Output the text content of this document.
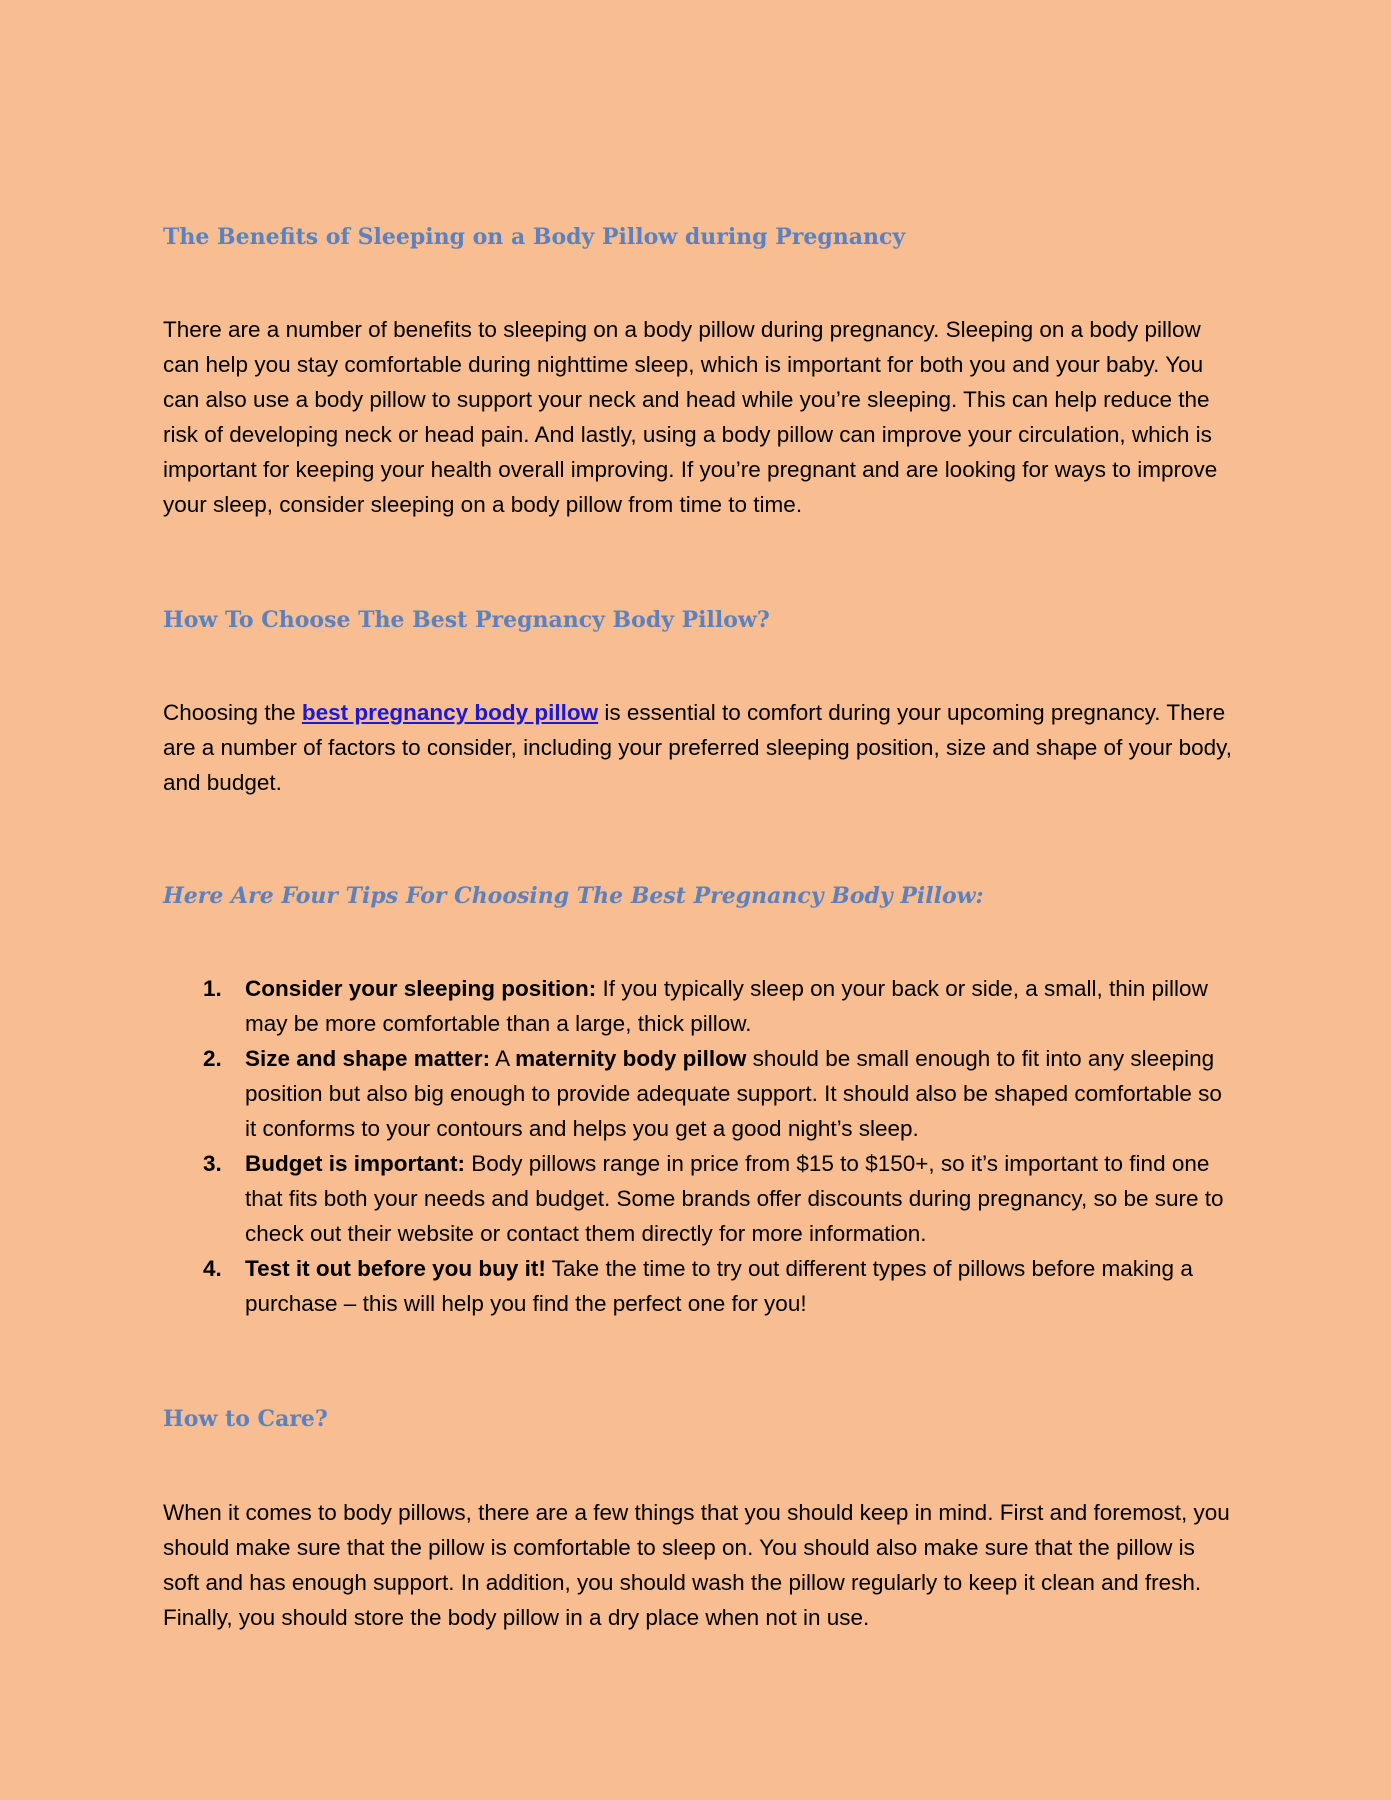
The Benefits of Sleeping on a Body Pillow during Pregnancy

There are a number of benefits to sleeping on a body pillow during pregnancy. Sleeping on a body pillow can help you stay comfortable during nighttime sleep, which is important for both you and your baby. You can also use a body pillow to support your neck and head while you’re sleeping. This can help reduce the risk of developing neck or head pain. And lastly, using a body pillow can improve your circulation, which is important for keeping your health overall improving. If you’re pregnant and are looking for ways to improve your sleep, consider sleeping on a body pillow from time to time.

How To Choose The Best Pregnancy Body Pillow?

Choosing the best pregnancy body pillow is essential to comfort during your upcoming pregnancy. There are a number of factors to consider, including your preferred sleeping position, size and shape of your body, and budget.

Here Are Four Tips For Choosing The Best Pregnancy Body Pillow:
1. Consider your sleeping position: If you typically sleep on your back or side, a small, thin pillow may be more comfortable than a large, thick pillow.
2. Size and shape matter: A maternity body pillow should be small enough to fit into any sleeping position but also big enough to provide adequate support. It should also be shaped comfortable so it conforms to your contours and helps you get a good night’s sleep.
3. Budget is important: Body pillows range in price from $15 to $150+, so it’s important to find one that fits both your needs and budget. Some brands offer discounts during pregnancy, so be sure to check out their website or contact them directly for more information.
4. Test it out before you buy it! Take the time to try out different types of pillows before making a purchase – this will help you find the perfect one for you!
How to Care?

When it comes to body pillows, there are a few things that you should keep in mind. First and foremost, you should make sure that the pillow is comfortable to sleep on. You should also make sure that the pillow is soft and has enough support. In addition, you should wash the pillow regularly to keep it clean and fresh. Finally, you should store the body pillow in a dry place when not in use.
